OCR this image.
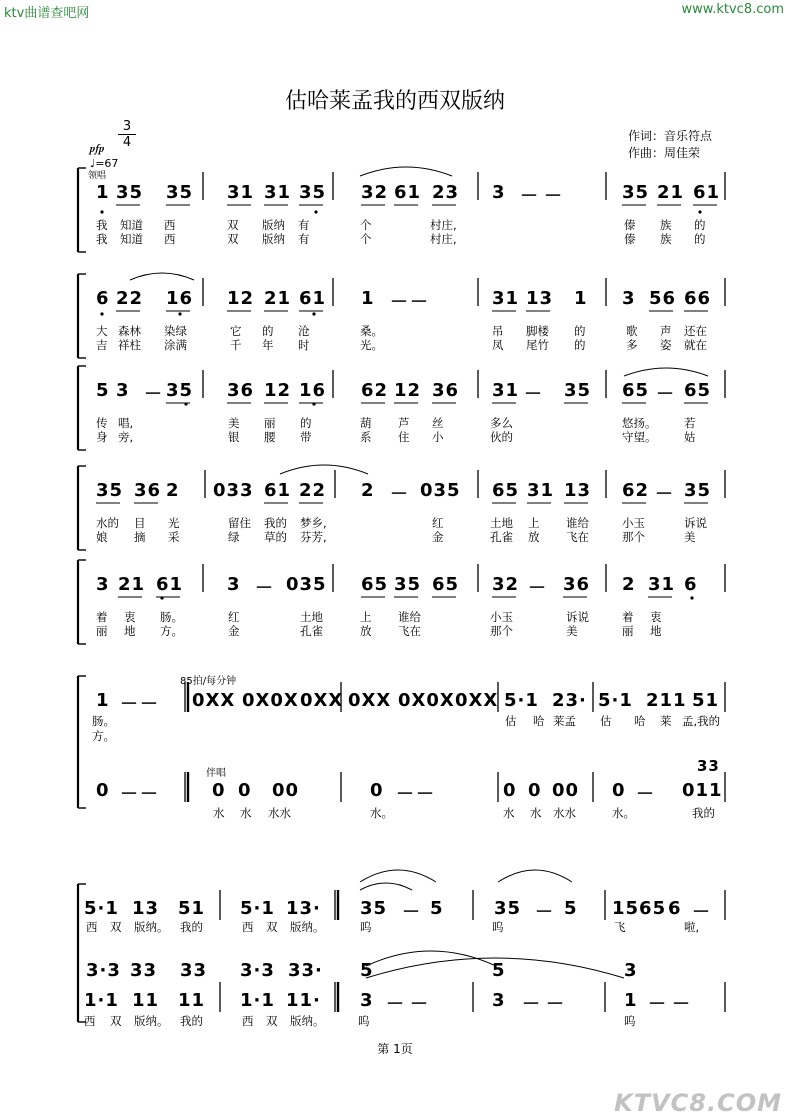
ktv曲谱查吧网	www.ktvc8.com
估哈莱孟我的西双版纳
作词：音乐符点
作曲：周佳荣
3
4
𝆏𝆑𝆏
♩=67
领唱
1 35 35 31 31 35 32 61 23 3 － －	35 21 61
我 知道 西	双 版纳 有	个	村庄,	傣 族 的
我 知道 西	双 版纳 有	个	村庄,	傣 族 的
6 22 16 12 21 61 1 － －	31 13 1 3 56 66
大 森林 染绿	它 的 沧	桑。	吊 脚楼 的	歌 声 还在
吉 祥柱 涂满	千 年 时	光。	凤 尾竹 的	多 姿 就在
5 3 － 35 36 12 16 62 12 36 31 － 35 65 － 65
传 唱,	美 丽 的	葫 芦 丝	多么	悠扬。 若
身 旁,	银 腰 带	系 住 小	伙的	守望。 姑
35 36 2 033 61 22 2 － 035 65 31 13 62 － 35
水的 目 光	留住 我的 梦乡,	红	土地 上 谁给	小玉	诉说
娘 摘 采	绿 草的 芬芳,	金	孔雀 放 飞在	那个	美
3 21 61 3 － 035 65 35 65 32 － 36 2 31 6
着 衷 肠。	红	土地	上 谁给	小玉	诉说	着 衷
丽 地 方。	金	孔雀	放 飞在	那个	美	丽 地
1 － － 0XX 0X0X 0XX 0XX 0X0X 0XX 5·1 23· 5·1 211 51
估 哈 莱孟 估 哈 莱 孟,我的
0 － －	0 0 00	0 － －	0 0 00 0 － 011
水 水 水水	水。	水 水 水水	水。	我的
5·1 13 51 5·1 13· 35 － 5	35 － 5 1565 6 －
西 双 版纳。 我的	西 双 版纳。	呜	呜	飞	啦,
3·3 33 33 3·3 33· 5	5	3
1·1 11 11 1·1 11· 3 － －	3 － －	1 － －
西 双 版纳。 我的	西 双 版纳。	呜	呜
85拍/每分钟
伴唱
肠。
方。
33
第 1页
KTVC8.COM
